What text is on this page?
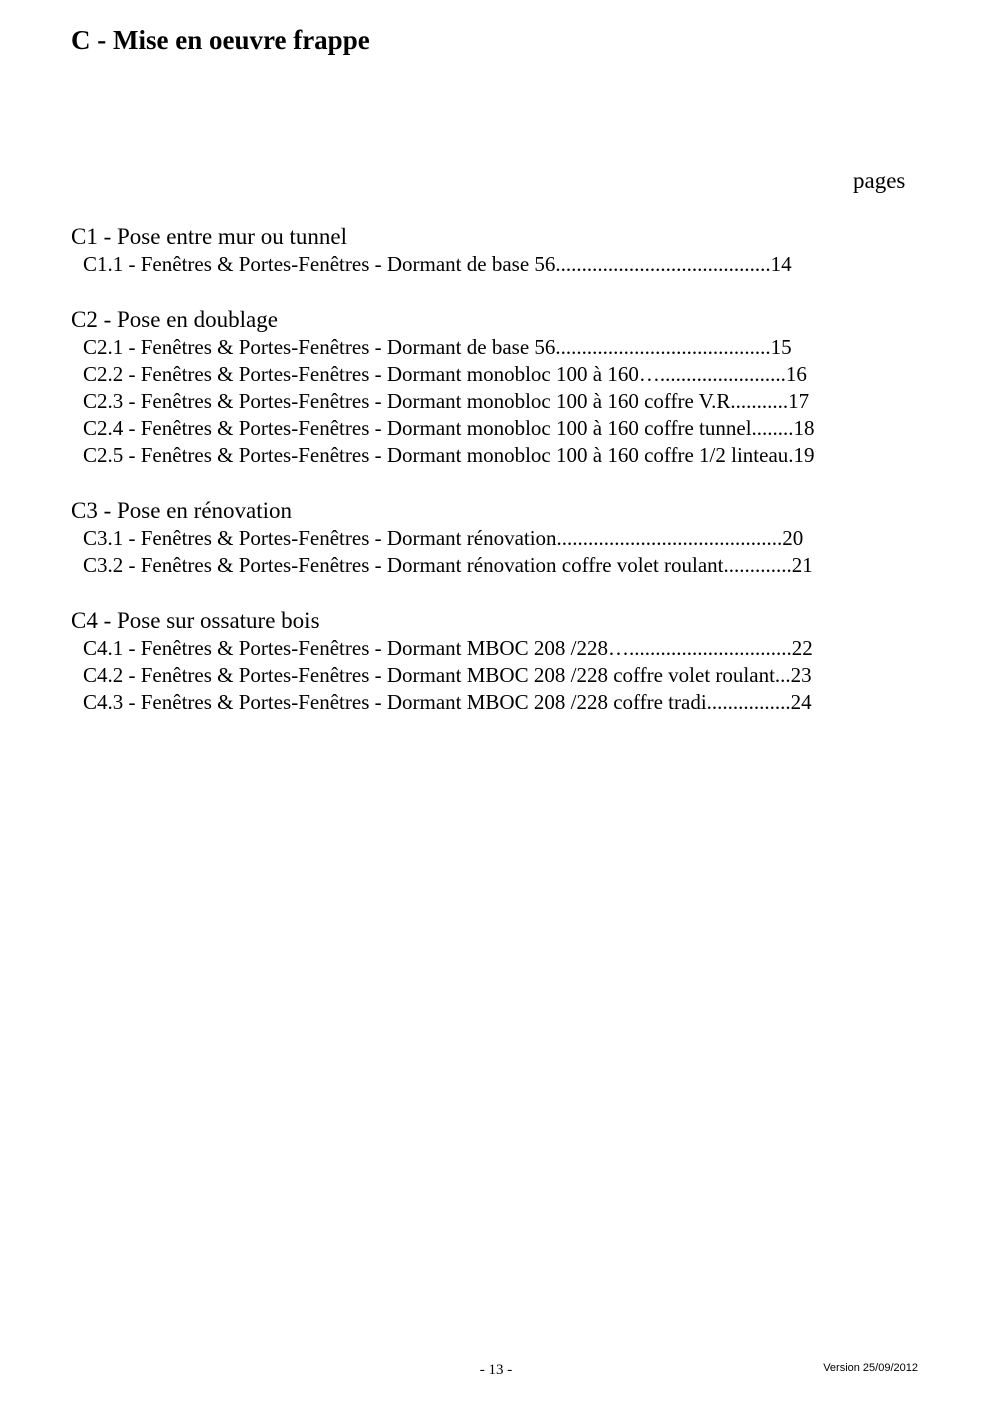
C - Mise en oeuvre frappe
pages
C1 - Pose entre mur ou tunnel
C1.1 - Fenêtres & Portes-Fenêtres - Dormant de base 56.........................................14
C2 - Pose en doublage
C2.1 - Fenêtres & Portes-Fenêtres - Dormant de base 56.........................................15
C2.2 - Fenêtres & Portes-Fenêtres - Dormant monobloc 100 à 160…........................16
C2.3 - Fenêtres & Portes-Fenêtres - Dormant monobloc 100 à 160 coffre V.R...........17
C2.4 - Fenêtres & Portes-Fenêtres - Dormant monobloc 100 à 160 coffre tunnel........18
C2.5 - Fenêtres & Portes-Fenêtres - Dormant monobloc 100 à 160 coffre 1/2 linteau.19
C3 - Pose en rénovation
C3.1 - Fenêtres & Portes-Fenêtres - Dormant rénovation...........................................20
C3.2 - Fenêtres & Portes-Fenêtres - Dormant rénovation coffre volet roulant.............21
C4 - Pose sur ossature bois
C4.1 - Fenêtres & Portes-Fenêtres - Dormant MBOC 208 /228…...............................22
C4.2 - Fenêtres & Portes-Fenêtres - Dormant MBOC 208 /228 coffre volet roulant...23
C4.3 - Fenêtres & Portes-Fenêtres - Dormant MBOC 208 /228 coffre tradi................24
- 13 -	Version 25/09/2012
